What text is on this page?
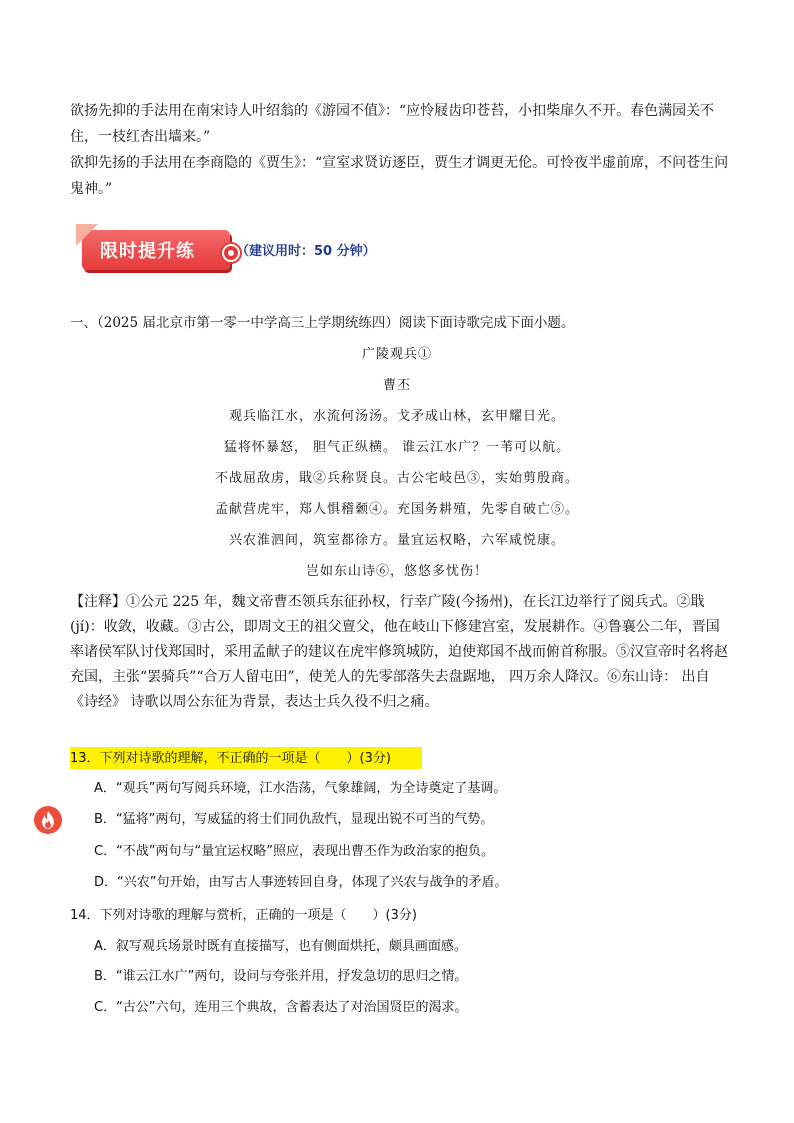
欲扬先抑的手法用在南宋诗人叶绍翁的《游园不值》：“应怜屐齿印苍苔，小扣柴扉久不开。春色满园关不住，一枝红杏出墙来。”

欲抑先扬的手法用在李商隐的《贾生》：“宣室求贤访逐臣，贾生才调更无伦。可怜夜半虚前席，不问苍生问鬼神。”

限时提升练	（建议用时：50 分钟）

一、（2025 届北京市第一零一中学高三上学期统练四）阅读下面诗歌完成下面小题。

广陵观兵①
曹丕
观兵临江水，水流何汤汤。戈矛成山林，玄甲耀日光。
猛将怀暴怒， 胆气正纵横。 谁云江水广？一苇可以航。
不战屈敌虏，戢②兵称贤良。古公宅岐邑③，实始剪殷商。
孟献营虎牢，郑人惧稽颡④。充国务耕殖，先零自破亡⑤。
兴农淮泗间，筑室都徐方。量宜运权略，六军咸悦康。
岂如东山诗⑥，悠悠多忧伤！

【注释】①公元 225 年，魏文帝曹丕领兵东征孙权，行幸广陵(今扬州)，在长江边举行了阅兵式。②戢(jí)：收敛，收藏。③古公，即周文王的祖父亶父，他在岐山下修建宫室，发展耕作。④鲁襄公二年，晋国率诸侯军队讨伐郑国时，采用孟献子的建议在虎牢修筑城防，迫使郑国不战而俯首称服。⑤汉宣帝时名将赵充国，主张“罢骑兵”“合万人留屯田”，使羌人的先零部落失去盘踞地， 四万余人降汉。⑥东山诗： 出自《诗经》 诗歌以周公东征为背景，表达士兵久役不归之痛。

13．下列对诗歌的理解，不正确的一项是（　　）(3分)
A．“观兵”两句写阅兵环境，江水浩荡，气象雄阔，为全诗奠定了基调。
B．“猛将”两句，写威猛的将士们同仇敌忾，显现出锐不可当的气势。
C．“不战”两句与“量宜运权略”照应，表现出曹丕作为政治家的抱负。
D．“兴农”句开始，由写古人事迹转回自身，体现了兴农与战争的矛盾。
14．下列对诗歌的理解与赏析，正确的一项是（　　）(3分)
A．叙写观兵场景时既有直接描写，也有侧面烘托，颇具画面感。
B．“谁云江水广”两句，设问与夸张并用，抒发急切的思归之情。
C．“古公”六句，连用三个典故，含蓄表达了对治国贤臣的渴求。
